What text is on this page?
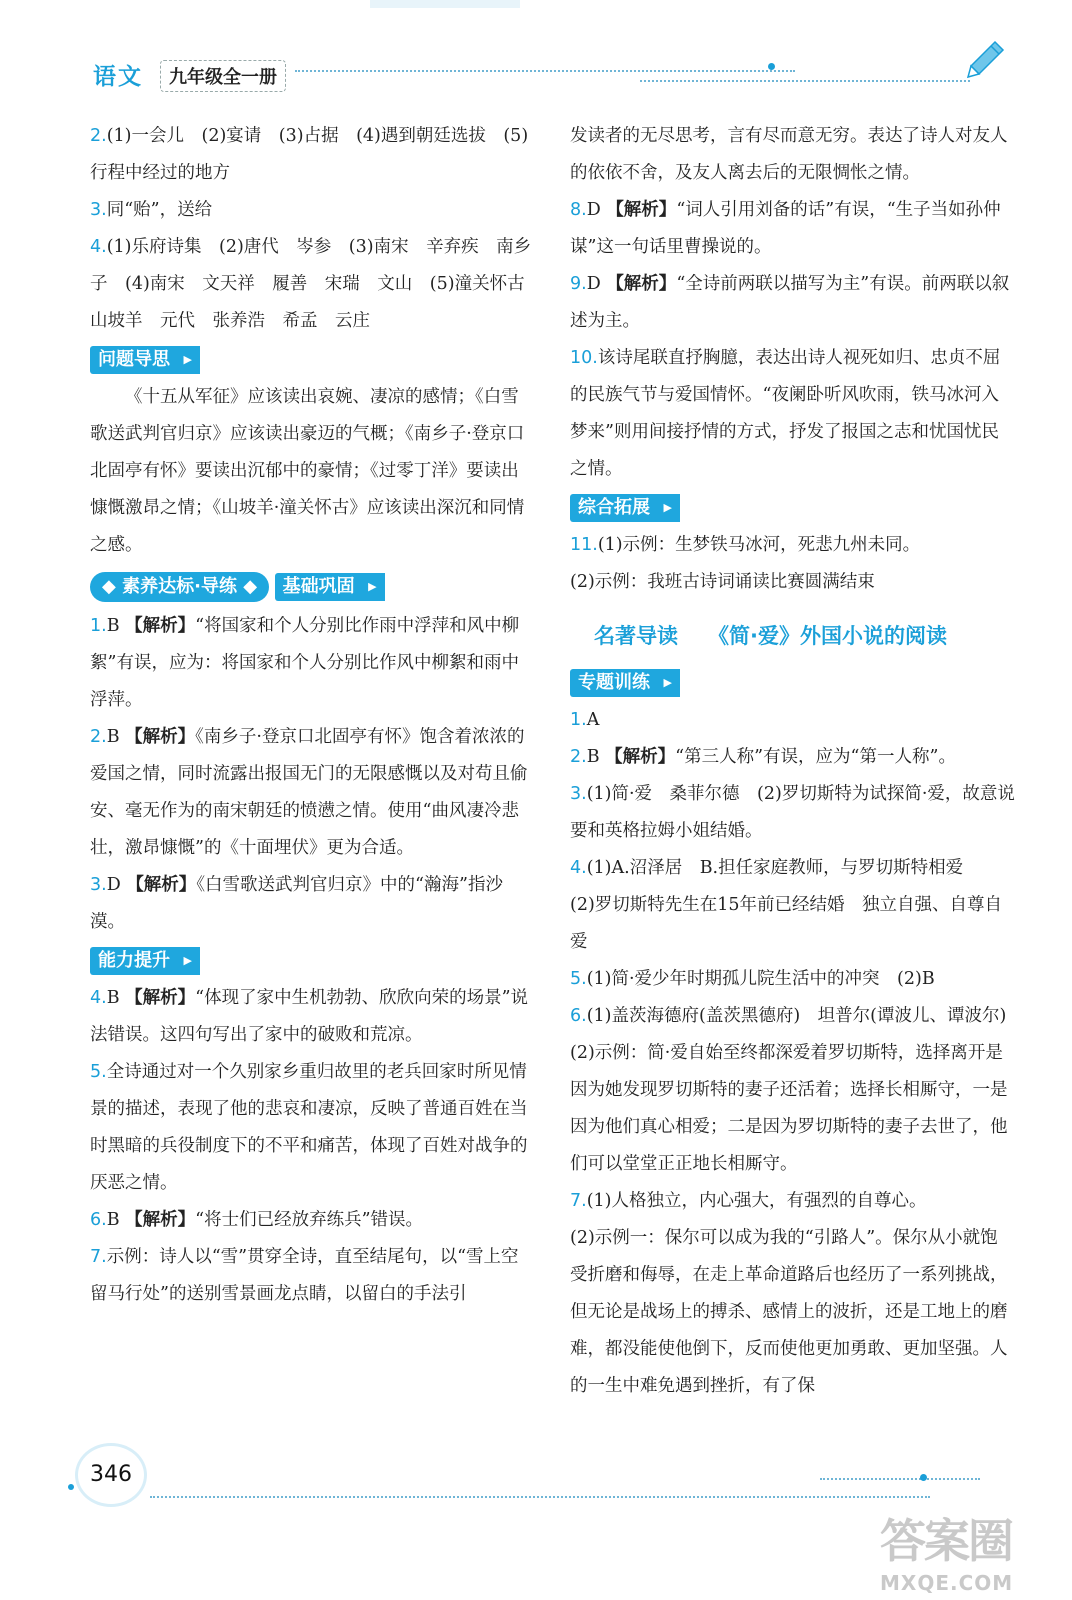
语文	九年级全一册

2.(1)一会儿　(2)宴请　(3)占据　(4)遇到朝廷选拔　(5)行程中经过的地方

3.同“贻”，送给

4.(1)乐府诗集　(2)唐代　岑参　(3)南宋　辛弃疾　南乡子　(4)南宋　文天祥　履善　宋瑞　文山　(5)潼关怀古　山坡羊　元代　张养浩　希孟　云庄

问题导思 ▶

《十五从军征》应该读出哀婉、凄凉的感情；《白雪歌送武判官归京》应该读出豪迈的气概；《南乡子·登京口北固亭有怀》要读出沉郁中的豪情；《过零丁洋》要读出慷慨激昂之情；《山坡羊·潼关怀古》应该读出深沉和同情之感。

◆ 素养达标·导练 ◆ 基础巩固 ▶

1.B 【解析】“将国家和个人分别比作雨中浮萍和风中柳絮”有误，应为：将国家和个人分别比作风中柳絮和雨中浮萍。

2.B 【解析】《南乡子·登京口北固亭有怀》饱含着浓浓的爱国之情，同时流露出报国无门的无限感慨以及对苟且偷安、毫无作为的南宋朝廷的愤懑之情。使用“曲风凄冷悲壮，激昂慷慨”的《十面埋伏》更为合适。

3.D 【解析】《白雪歌送武判官归京》中的“瀚海”指沙漠。

能力提升 ▶

4.B 【解析】“体现了家中生机勃勃、欣欣向荣的场景”说法错误。这四句写出了家中的破败和荒凉。

5.全诗通过对一个久别家乡重归故里的老兵回家时所见情景的描述，表现了他的悲哀和凄凉，反映了普通百姓在当时黑暗的兵役制度下的不平和痛苦，体现了百姓对战争的厌恶之情。

6.B 【解析】“将士们已经放弃练兵”错误。

7.示例：诗人以“雪”贯穿全诗，直至结尾句，以“雪上空留马行处”的送别雪景画龙点睛，以留白的手法引

发读者的无尽思考，言有尽而意无穷。表达了诗人对友人的依依不舍，及友人离去后的无限惆怅之情。

8.D 【解析】“词人引用刘备的话”有误，“生子当如孙仲谋”这一句话里曹操说的。

9.D 【解析】“全诗前两联以描写为主”有误。前两联以叙述为主。

10.该诗尾联直抒胸臆，表达出诗人视死如归、忠贞不屈的民族气节与爱国情怀。“夜阑卧听风吹雨，铁马冰河入梦来”则用间接抒情的方式，抒发了报国之志和忧国忧民之情。

综合拓展 ▶

11.(1)示例：生梦铁马冰河，死悲九州未同。

(2)示例：我班古诗词诵读比赛圆满结束

名著导读 《简·爱》外国小说的阅读
专题训练 ▶

1.A

2.B 【解析】“第三人称”有误，应为“第一人称”。

3.(1)简·爱　桑菲尔德　(2)罗切斯特为试探简·爱，故意说要和英格拉姆小姐结婚。

4.(1)A.沼泽居　B.担任家庭教师，与罗切斯特相爱

(2)罗切斯特先生在15年前已经结婚　独立自强、自尊自爱

5.(1)简·爱少年时期孤儿院生活中的冲突　(2)B

6.(1)盖茨海德府(盖茨黑德府)　坦普尔(谭波儿、谭波尔)

(2)示例：简·爱自始至终都深爱着罗切斯特，选择离开是因为她发现罗切斯特的妻子还活着；选择长相厮守，一是因为他们真心相爱；二是因为罗切斯特的妻子去世了，他们可以堂堂正正地长相厮守。

7.(1)人格独立，内心强大，有强烈的自尊心。

(2)示例一：保尔可以成为我的“引路人”。保尔从小就饱受折磨和侮辱，在走上革命道路后也经历了一系列挑战，但无论是战场上的搏杀、感情上的波折，还是工地上的磨难，都没能使他倒下，反而使他更加勇敢、更加坚强。人的一生中难免遇到挫折，有了保

346
答案圈
MXQE.COM
